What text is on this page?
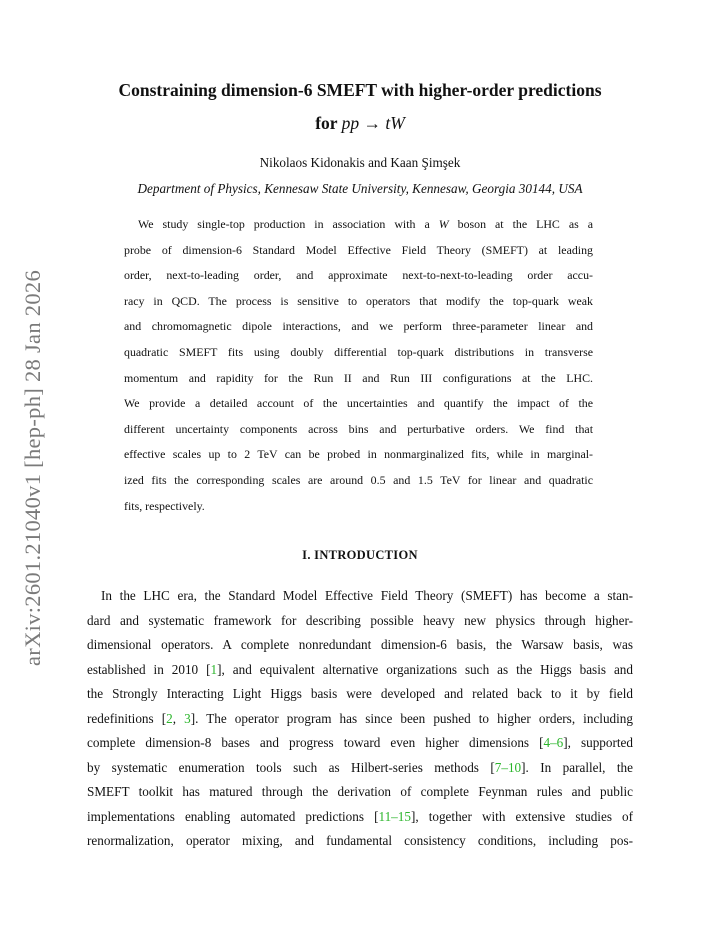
arXiv:2601.21040v1 [hep-ph] 28 Jan 2026
Constraining dimension-6 SMEFT with higher-order predictions
for pp → tW
Nikolaos Kidonakis and Kaan Şimşek
Department of Physics, Kennesaw State University, Kennesaw, Georgia 30144, USA
We study single-top production in association with a W boson at the LHC as a
probe of dimension-6 Standard Model Effective Field Theory (SMEFT) at leading
order, next-to-leading order, and approximate next-to-next-to-leading order accu-
racy in QCD. The process is sensitive to operators that modify the top-quark weak
and chromomagnetic dipole interactions, and we perform three-parameter linear and
quadratic SMEFT fits using doubly differential top-quark distributions in transverse
momentum and rapidity for the Run II and Run III configurations at the LHC.
We provide a detailed account of the uncertainties and quantify the impact of the
different uncertainty components across bins and perturbative orders. We find that
effective scales up to 2 TeV can be probed in nonmarginalized fits, while in marginal-
ized fits the corresponding scales are around 0.5 and 1.5 TeV for linear and quadratic
fits, respectively.
I. INTRODUCTION
In the LHC era, the Standard Model Effective Field Theory (SMEFT) has become a stan-
dard and systematic framework for describing possible heavy new physics through higher-
dimensional operators. A complete nonredundant dimension-6 basis, the Warsaw basis, was
established in 2010 [1], and equivalent alternative organizations such as the Higgs basis and
the Strongly Interacting Light Higgs basis were developed and related back to it by field
redefinitions [2, 3]. The operator program has since been pushed to higher orders, including
complete dimension-8 bases and progress toward even higher dimensions [4–6], supported
by systematic enumeration tools such as Hilbert-series methods [7–10]. In parallel, the
SMEFT toolkit has matured through the derivation of complete Feynman rules and public
implementations enabling automated predictions [11–15], together with extensive studies of
renormalization, operator mixing, and fundamental consistency conditions, including pos-
